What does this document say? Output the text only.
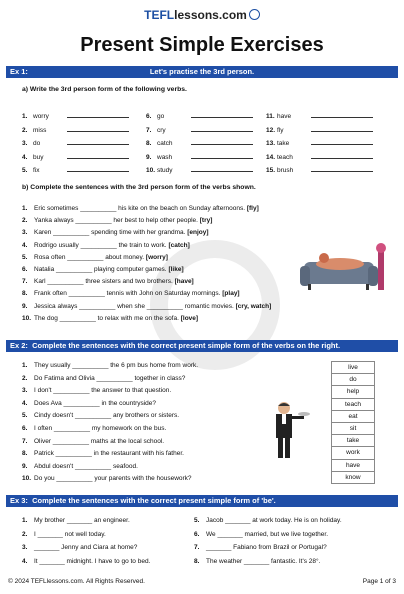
TEFLlessons.com
Present Simple Exercises
Let's practise the 3rd person.
Ex 1:
a) Write the 3rd person form of the following verbs.
1. worry
2. miss
3. do
4. buy
5. fix
6. go
7. cry
8. catch
9. wash
10. study
11. have
12. fly
13. take
14. teach
15. brush
b) Complete the sentences with the 3rd person form of the verbs shown.
1. Eric sometimes __________ his kite on the beach on Sunday afternoons. [fly]
2. Yanka always __________ her best to help other people. [try]
3. Karen __________ spending time with her grandma. [enjoy]
4. Rodrigo usually __________ the train to work. [catch]
5. Rosa often __________ about money. [worry]
6. Natalia __________ playing computer games. [like]
7. Karl __________ three sisters and two brothers. [have]
8. Frank often __________ tennis with John on Saturday mornings. [play]
9. Jessica always __________ when she __________ romantic movies. [cry, watch]
10. The dog __________ to relax with me on the sofa. [love]
Ex 2: Complete the sentences with the correct present simple form of the verbs on the right.
1. They usually __________ the 6 pm bus home from work.
2. Do Fatima and Olivia __________ together in class?
3. I don't __________ the answer to that question.
4. Does Ava __________ in the countryside?
5. Cindy doesn't __________ any brothers or sisters.
6. I often __________ my homework on the bus.
7. Oliver __________ maths at the local school.
8. Patrick __________ in the restaurant with his father.
9. Abdul doesn't __________ seafood.
10. Do you __________ your parents with the housework?
live
do
help
teach
eat
sit
take
work
have
know
Ex 3: Complete the sentences with the correct present simple form of 'be'.
1. My brother _______ an engineer.
2. I _______ not well today.
3. _______ Jenny and Ciara at home?
4. It _______ midnight. I have to go to bed.
5. Jacob _______ at work today. He is on holiday.
6. We _______ married, but we live together.
7. _______ Fabiano from Brazil or Portugal?
8. The weather _______ fantastic. It's 28°.
© 2024 TEFLlessons.com. All Rights Reserved.	Page 1 of 3
